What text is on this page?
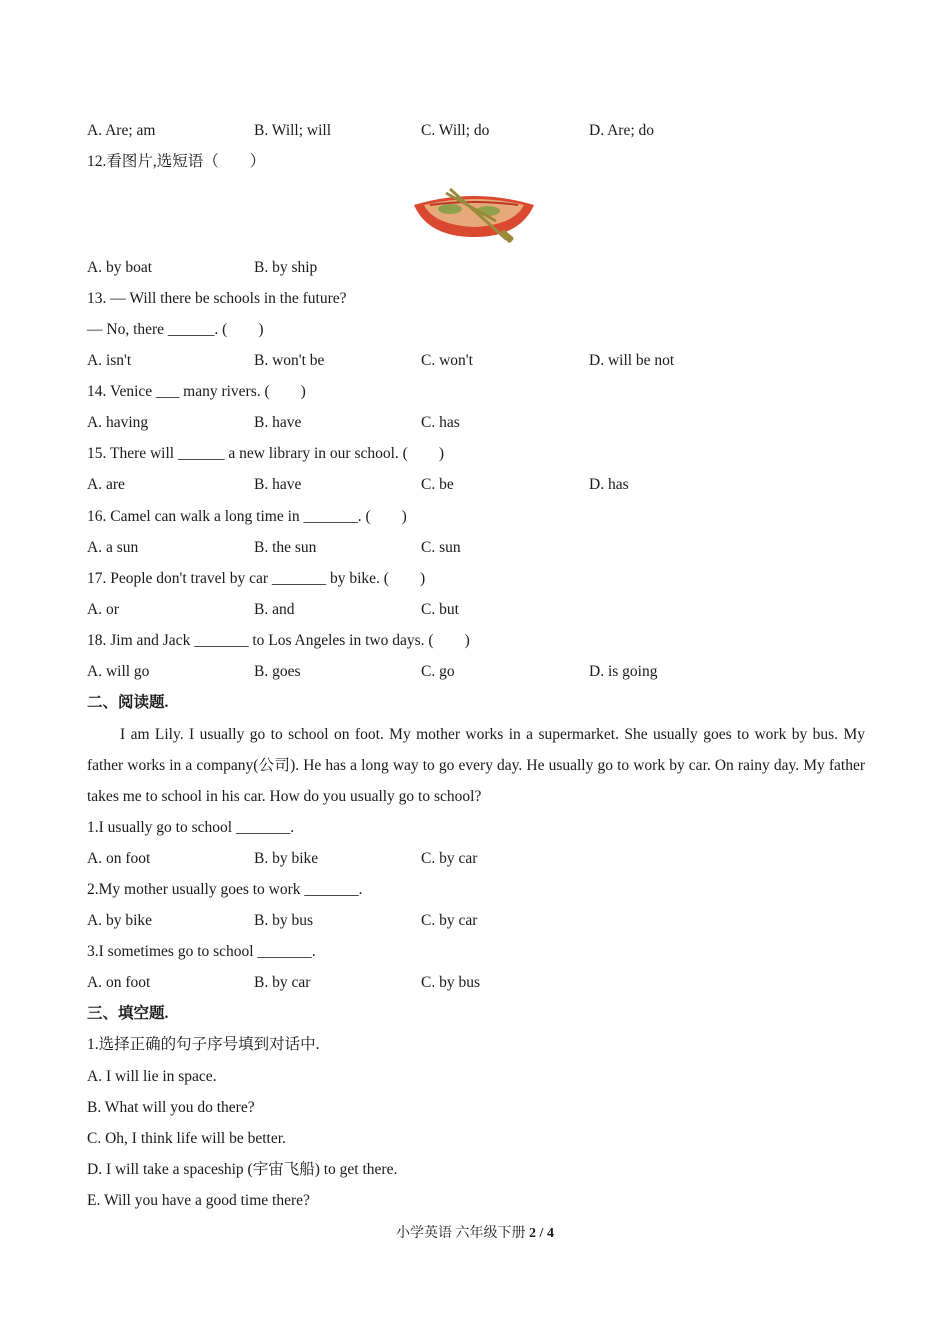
A. Are; am	B. Will; will	C. Will; do	D. Are; do
12.看图片,选短语（　　）
A. by boat	B. by ship
13. — Will there be schools in the future?
— No, there ______. (　　)
A. isn't	B. won't be	C. won't	D. will be not
14. Venice ___ many rivers. (　　)
A. having	B. have	C. has
15. There will ______ a new library in our school. (　　)
A. are	B. have	C. be	D. has
16. Camel can walk a long time in _______. (　　)
A. a sun	B. the sun	C. sun
17. People don't travel by car _______ by bike. (　　)
A. or	B. and	C. but
18. Jim and Jack _______ to Los Angeles in two days. (　　)
A. will go	B. goes	C. go	D. is going
二、阅读题.
I am Lily. I usually go to school on foot. My mother works in a supermarket. She usually goes to work by bus. My father works in a company(公司). He has a long way to go every day. He usually go to work by car. On rainy day. My father takes me to school in his car. How do you usually go to school?
1.I usually go to school _______.
A. on foot	B. by bike	C. by car
2.My mother usually goes to work _______.
A. by bike	B. by bus	C. by car
3.I sometimes go to school _______.
A. on foot	B. by car	C. by bus
三、填空题.
1.选择正确的句子序号填到对话中.
A. I will lie in space.
B. What will you do there?
C. Oh, I think life will be better.
D. I will take a spaceship (宇宙飞船) to get there.
E. Will you have a good time there?
小学英语 六年级下册 2 / 4
